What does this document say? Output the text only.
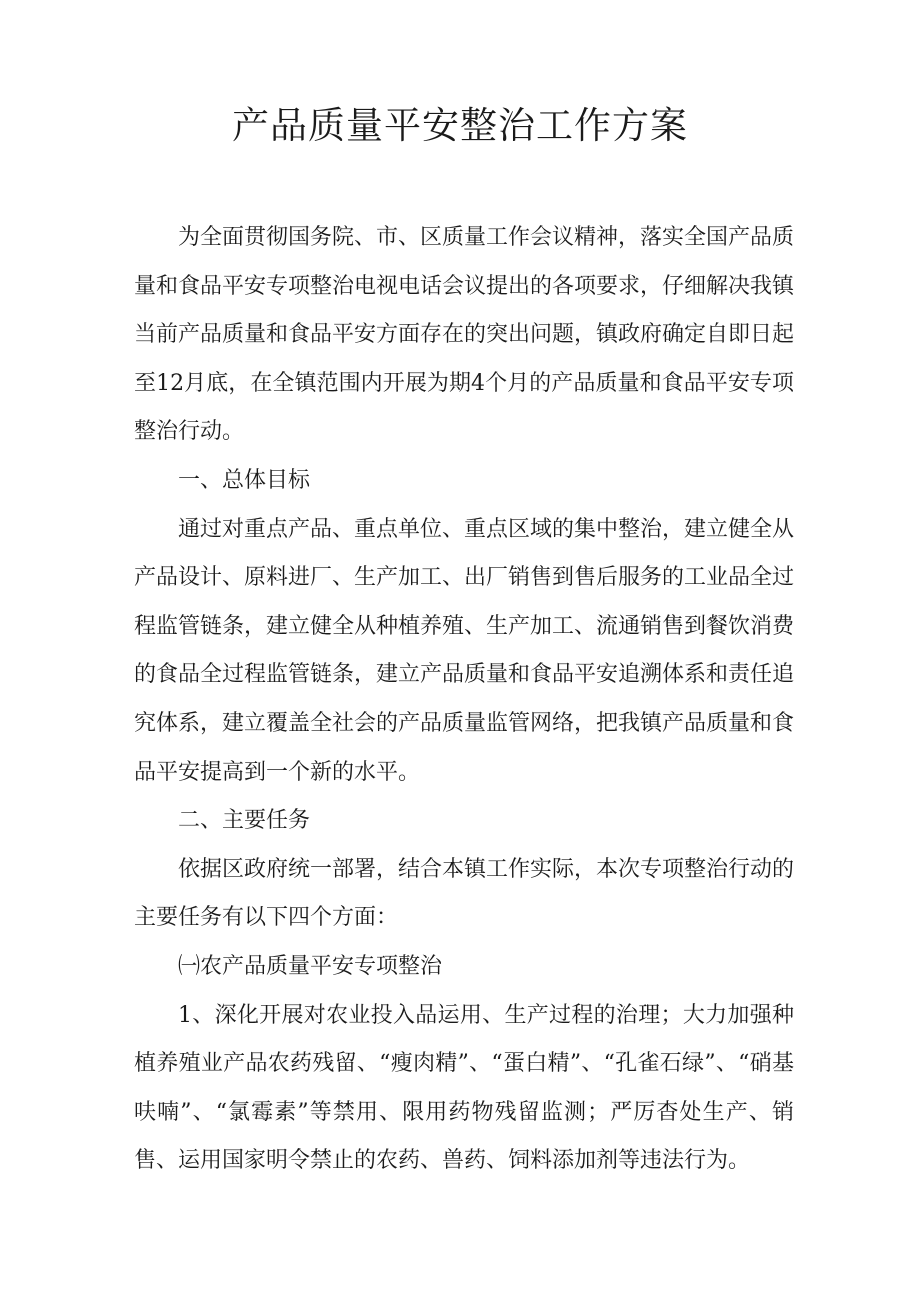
产品质量平安整治工作方案

为全面贯彻国务院、市、区质量工作会议精神，落实全国产品质量和食品平安专项整治电视电话会议提出的各项要求，仔细解决我镇当前产品质量和食品平安方面存在的突出问题，镇政府确定自即日起至12月底，在全镇范围内开展为期4个月的产品质量和食品平安专项整治行动。

一、总体目标

通过对重点产品、重点单位、重点区域的集中整治，建立健全从产品设计、原料进厂、生产加工、出厂销售到售后服务的工业品全过程监管链条，建立健全从种植养殖、生产加工、流通销售到餐饮消费的食品全过程监管链条，建立产品质量和食品平安追溯体系和责任追究体系，建立覆盖全社会的产品质量监管网络，把我镇产品质量和食品平安提高到一个新的水平。

二、主要任务

依据区政府统一部署，结合本镇工作实际，本次专项整治行动的主要任务有以下四个方面：

㈠农产品质量平安专项整治

1、深化开展对农业投入品运用、生产过程的治理；大力加强种植养殖业产品农药残留、“瘦肉精”、“蛋白精”、“孔雀石绿”、“硝基呋喃”、“氯霉素”等禁用、限用药物残留监测；严厉杳处生产、销售、运用国家明令禁止的农药、兽药、饲料添加剂等违法行为。
